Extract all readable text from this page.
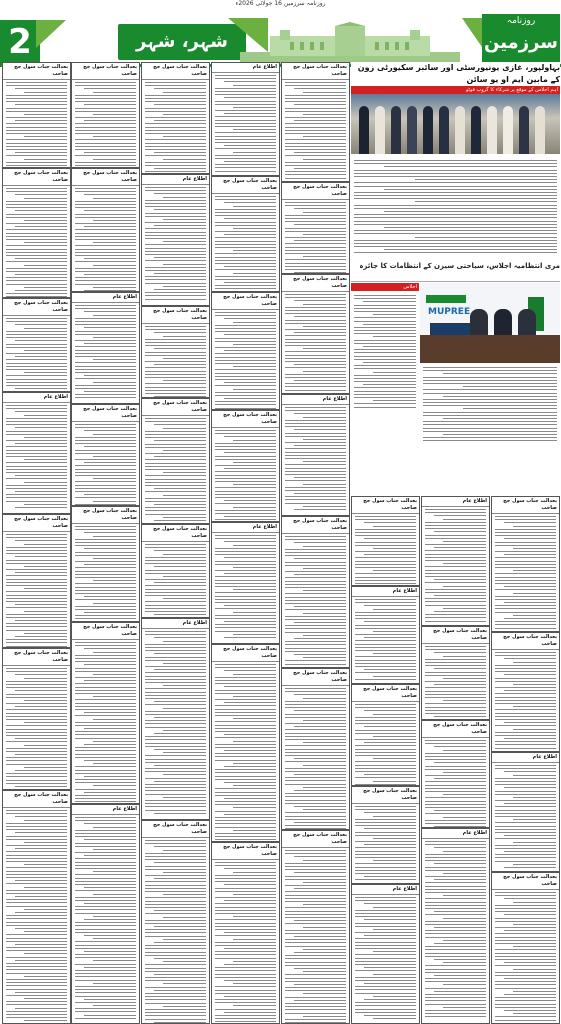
روزنامہ سرزمین 16 جولائی 2026ء
2	شہر، شہر
روزنامہ
سرزمین
بہاولپور، غازی یونیورسٹی اور سائبر سکیورٹی زون کے مابین ایم او یو سائن
اہم اجلاس کے موقع پر شرکاء کا گروپ فوٹو
مری انتظامیہ اجلاس، سیاحتی سیزن کے انتظامات کا جائزہ
اجلاس
MUPREE
بعدالت جناب سول جج صاحب
بعدالت جناب سول جج صاحب
بعدالت جناب سول جج صاحب
اطلاع عام
بعدالت جناب سول جج صاحب
بعدالت جناب سول جج صاحب
بعدالت جناب سول جج صاحب
بعدالت جناب سول جج صاحب
بعدالت جناب سول جج صاحب
اطلاع عام
بعدالت جناب سول جج صاحب
بعدالت جناب سول جج صاحب
بعدالت جناب سول جج صاحب
اطلاع عام
بعدالت جناب سول جج صاحب
اطلاع عام
بعدالت جناب سول جج صاحب
بعدالت جناب سول جج صاحب
بعدالت جناب سول جج صاحب
اطلاع عام
بعدالت جناب سول جج صاحب
اطلاع عام
بعدالت جناب سول جج صاحب
بعدالت جناب سول جج صاحب
بعدالت جناب سول جج صاحب
اطلاع عام
بعدالت جناب سول جج صاحب
بعدالت جناب سول جج صاحب
بعدالت جناب سول جج صاحب
بعدالت جناب سول جج صاحب
بعدالت جناب سول جج صاحب
اطلاع عام
بعدالت جناب سول جج صاحب
بعدالت جناب سول جج صاحب
بعدالت جناب سول جج صاحب
بعدالت جناب سول جج صاحب
اطلاع عام
بعدالت جناب سول جج صاحب
بعدالت جناب سول جج صاحب
اطلاع عام
اطلاع عام
بعدالت جناب سول جج صاحب
بعدالت جناب سول جج صاحب
اطلاع عام
بعدالت جناب سول جج صاحب
بعدالت جناب سول جج صاحب
اطلاع عام
بعدالت جناب سول جج صاحب
